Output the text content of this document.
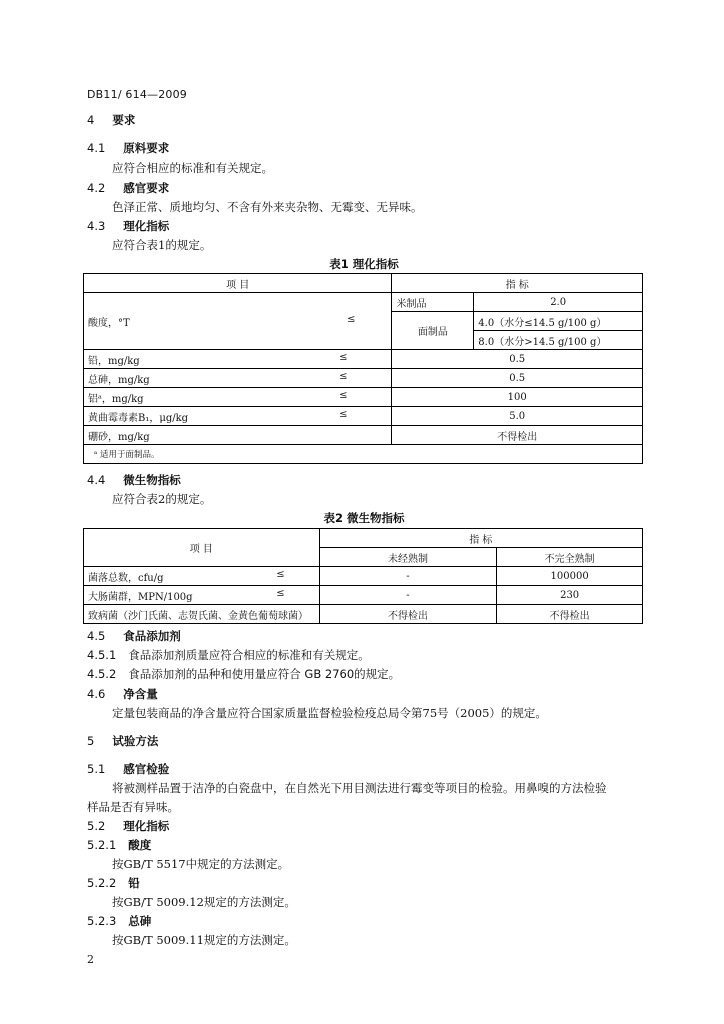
DB11/ 614—2009
4 要求
4.1 原料要求
应符合相应的标准和有关规定。
4.2 感官要求
色泽正常、质地均匀、不含有外来夹杂物、无霉变、无异味。
4.3 理化指标
应符合表1的规定。
表1 理化指标
项 目	指 标	

酸度，°T ≤	米制品	2.0
	面制品	4.0（水分≤14.5 g/100 g）
		8.0（水分>14.5 g/100 g）

铅，mg/kg ≤	0.5	

总砷，mg/kg ≤	0.5	

铝ᵃ，mg/kg ≤	100	

黄曲霉毒素B₁，μg/kg ≤	5.0	

硼砂，mg/kg	不得检出	
ᵃ 适用于面制品。		
4.4 微生物指标
应符合表2的规定。
表2 微生物指标
项 目	指 标	
	未经熟制	不完全熟制

菌落总数，cfu/g ≤	-	100000

大肠菌群，MPN/100g ≤	-	230

致病菌（沙门氏菌、志贺氏菌、金黄色葡萄球菌）	不得检出	不得检出
4.5 食品添加剂
4.5.1 食品添加剂质量应符合相应的标准和有关规定。
4.5.2 食品添加剂的品种和使用量应符合 GB 2760的规定。
4.6 净含量
定量包装商品的净含量应符合国家质量监督检验检疫总局令第75号（2005）的规定。
5 试验方法
5.1 感官检验
将被测样品置于洁净的白瓷盘中，在自然光下用目测法进行霉变等项目的检验。用鼻嗅的方法检验
样品是否有异味。
5.2 理化指标
5.2.1 酸度
按GB/T 5517中规定的方法测定。
5.2.2 铅
按GB/T 5009.12规定的方法测定。
5.2.3 总砷
按GB/T 5009.11规定的方法测定。
2
